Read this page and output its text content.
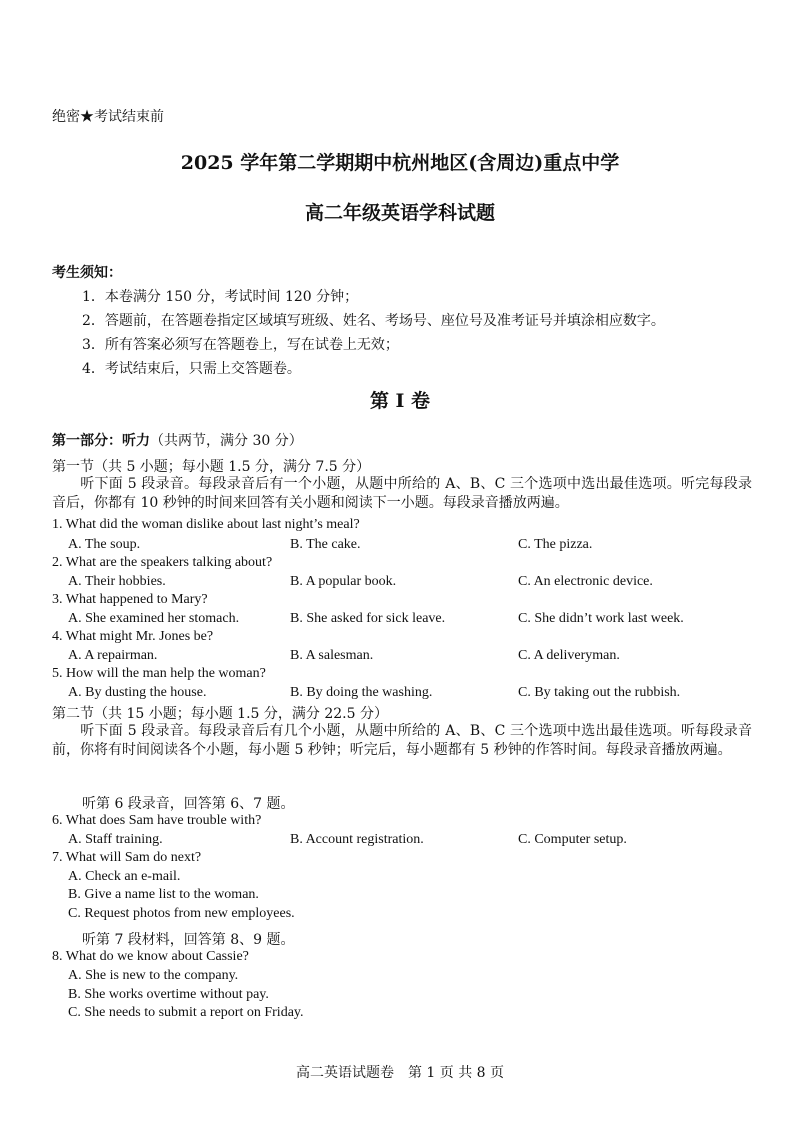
绝密★考试结束前
2025 学年第二学期期中杭州地区(含周边)重点中学
高二年级英语学科试题
考生须知：
1．本卷满分 150 分，考试时间 120 分钟；
2．答题前，在答题卷指定区域填写班级、姓名、考场号、座位号及准考证号并填涂相应数字。
3．所有答案必须写在答题卷上，写在试卷上无效；
4．考试结束后，只需上交答题卷。
第 I 卷
第一部分：听力（共两节，满分 30 分）
第一节（共 5 小题；每小题 1.5 分，满分 7.5 分）
听下面 5 段录音。每段录音后有一个小题，从题中所给的 A、B、C 三个选项中选出最佳选项。听完每段录音后，你都有 10 秒钟的时间来回答有关小题和阅读下一小题。每段录音播放两遍。
1. What did the woman dislike about last night’s meal?
A. The soup.	B. The cake.	C. The pizza.
2. What are the speakers talking about?
A. Their hobbies.	B. A popular book.	C. An electronic device.
3. What happened to Mary?
A. She examined her stomach.	B. She asked for sick leave.	C. She didn’t work last week.
4. What might Mr. Jones be?
A. A repairman.	B. A salesman.	C. A deliveryman.
5. How will the man help the woman?
A. By dusting the house.	B. By doing the washing.	C. By taking out the rubbish.
第二节（共 15 小题；每小题 1.5 分，满分 22.5 分）
听下面 5 段录音。每段录音后有几个小题，从题中所给的 A、B、C 三个选项中选出最佳选项。听每段录音前，你将有时间阅读各个小题，每小题 5 秒钟；听完后，每小题都有 5 秒钟的作答时间。每段录音播放两遍。
听第 6 段录音，回答第 6、7 题。
6. What does Sam have trouble with?
A. Staff training.	B. Account registration.	C. Computer setup.
7. What will Sam do next?
A. Check an e-mail.
B. Give a name list to the woman.
C. Request photos from new employees.
听第 7 段材料，回答第 8、9 题。
8. What do we know about Cassie?
A. She is new to the company.
B. She works overtime without pay.
C. She needs to submit a report on Friday.
高二英语试题卷　第 1 页 共 8 页
